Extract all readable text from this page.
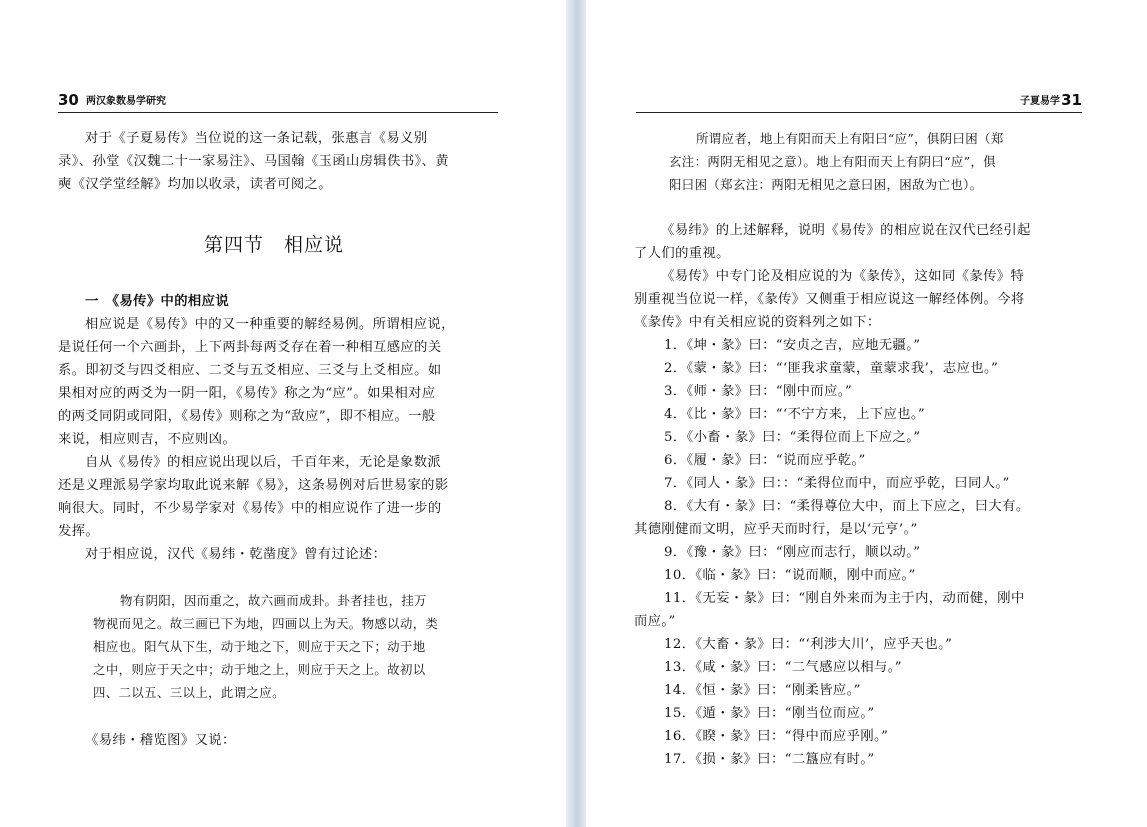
30 两汉象数易学研究
对于《子夏易传》当位说的这一条记载，张惠言《易义别
录》、孙堂《汉魏二十一家易注》、马国翰《玉函山房辑佚书》、黄
奭《汉学堂经解》均加以收录，读者可阅之。
第四节　相应说
一　《易传》中的相应说
相应说是《易传》中的又一种重要的解经易例。所谓相应说，
是说任何一个六画卦，上下两卦每两爻存在着一种相互感应的关
系。即初爻与四爻相应、二爻与五爻相应、三爻与上爻相应。如
果相对应的两爻为一阴一阳，《易传》称之为“应”。如果相对应
的两爻同阴或同阳，《易传》则称之为“敌应”，即不相应。一般
来说，相应则吉，不应则凶。
自从《易传》的相应说出现以后，千百年来，无论是象数派
还是义理派易学家均取此说来解《易》，这条易例对后世易家的影
响很大。同时，不少易学家对《易传》中的相应说作了进一步的
发挥。
对于相应说，汉代《易纬・乾凿度》曾有过论述：
物有阴阳，因而重之，故六画而成卦。卦者挂也，挂万
物视而见之。故三画已下为地，四画以上为天。物感以动，类
相应也。阳气从下生，动于地之下，则应于天之下；动于地
之中，则应于天之中；动于地之上，则应于天之上。故初以
四、二以五、三以上，此谓之应。
《易纬・稽览图》又说：
子夏易学 31
所谓应者，地上有阳而天上有阳曰“应”，俱阴曰困（郑
玄注：两阴无相见之意）。地上有阳而天上有阴曰“应”，俱
阳曰困（郑玄注：两阳无相见之意曰困，困敌为亡也）。
《易纬》的上述解释，说明《易传》的相应说在汉代已经引起
了人们的重视。
《易传》中专门论及相应说的为《彖传》，这如同《彖传》特
别重视当位说一样，《彖传》又侧重于相应说这一解经体例。今将
《彖传》中有关相应说的资料列之如下：
1．《坤・彖》曰：“安贞之吉，应地无疆。”
2．《蒙・彖》曰：“‘匪我求童蒙，童蒙求我’，志应也。”
3．《师・彖》曰：“刚中而应。”
4．《比・彖》曰：“‘不宁方来，上下应也。”
5．《小畜・彖》曰：“柔得位而上下应之。”
6．《履・彖》曰：“说而应乎乾。”
7．《同人・彖》曰：：“柔得位而中，而应乎乾，曰同人。”
8．《大有・彖》曰：“柔得尊位大中，而上下应之，曰大有。
其德刚健而文明，应乎天而时行，是以‘元亨’。”
9．《豫・彖》曰：“刚应而志行，顺以动。”
10．《临・彖》曰：“说而顺，刚中而应。”
11．《无妄・彖》曰：“刚自外来而为主于内，动而健，刚中
而应。”
12．《大畜・彖》曰：“‘利涉大川’，应乎天也。”
13．《咸・彖》曰：“二气感应以相与。”
14．《恒・彖》曰：“刚柔皆应。”
15．《遁・彖》曰：“刚当位而应。”
16．《睽・彖》曰：“得中而应乎刚。”
17．《损・彖》曰：“二簋应有时。”
